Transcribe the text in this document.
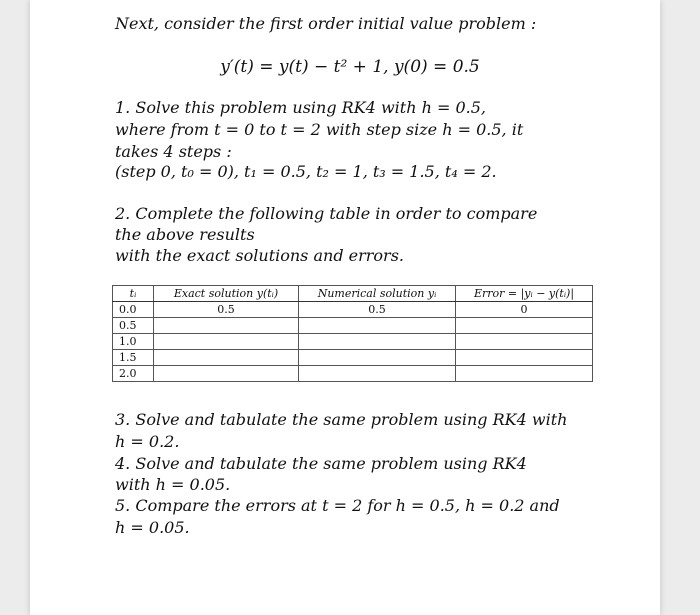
Next, consider the first order initial value problem :
y′(t) = y(t) − t² + 1, y(0) = 0.5
1. Solve this problem using RK4 with h = 0.5,
where from t = 0 to t = 2 with step size h = 0.5, it
takes 4 steps :
(step 0, t₀ = 0), t₁ = 0.5, t₂ = 1, t₃ = 1.5, t₄ = 2.
2. Complete the following table in order to compare
the above results
with the exact solutions and errors.
tᵢ	Exact solution y(tᵢ)	Numerical solution yᵢ	Error = |yᵢ − y(tᵢ)|
0.0	0.5	0.5	0
0.5			
1.0			
1.5			
2.0			
3. Solve and tabulate the same problem using RK4 with
h = 0.2.
4. Solve and tabulate the same problem using RK4
with h = 0.05.
5. Compare the errors at t = 2 for h = 0.5, h = 0.2 and
h = 0.05.
